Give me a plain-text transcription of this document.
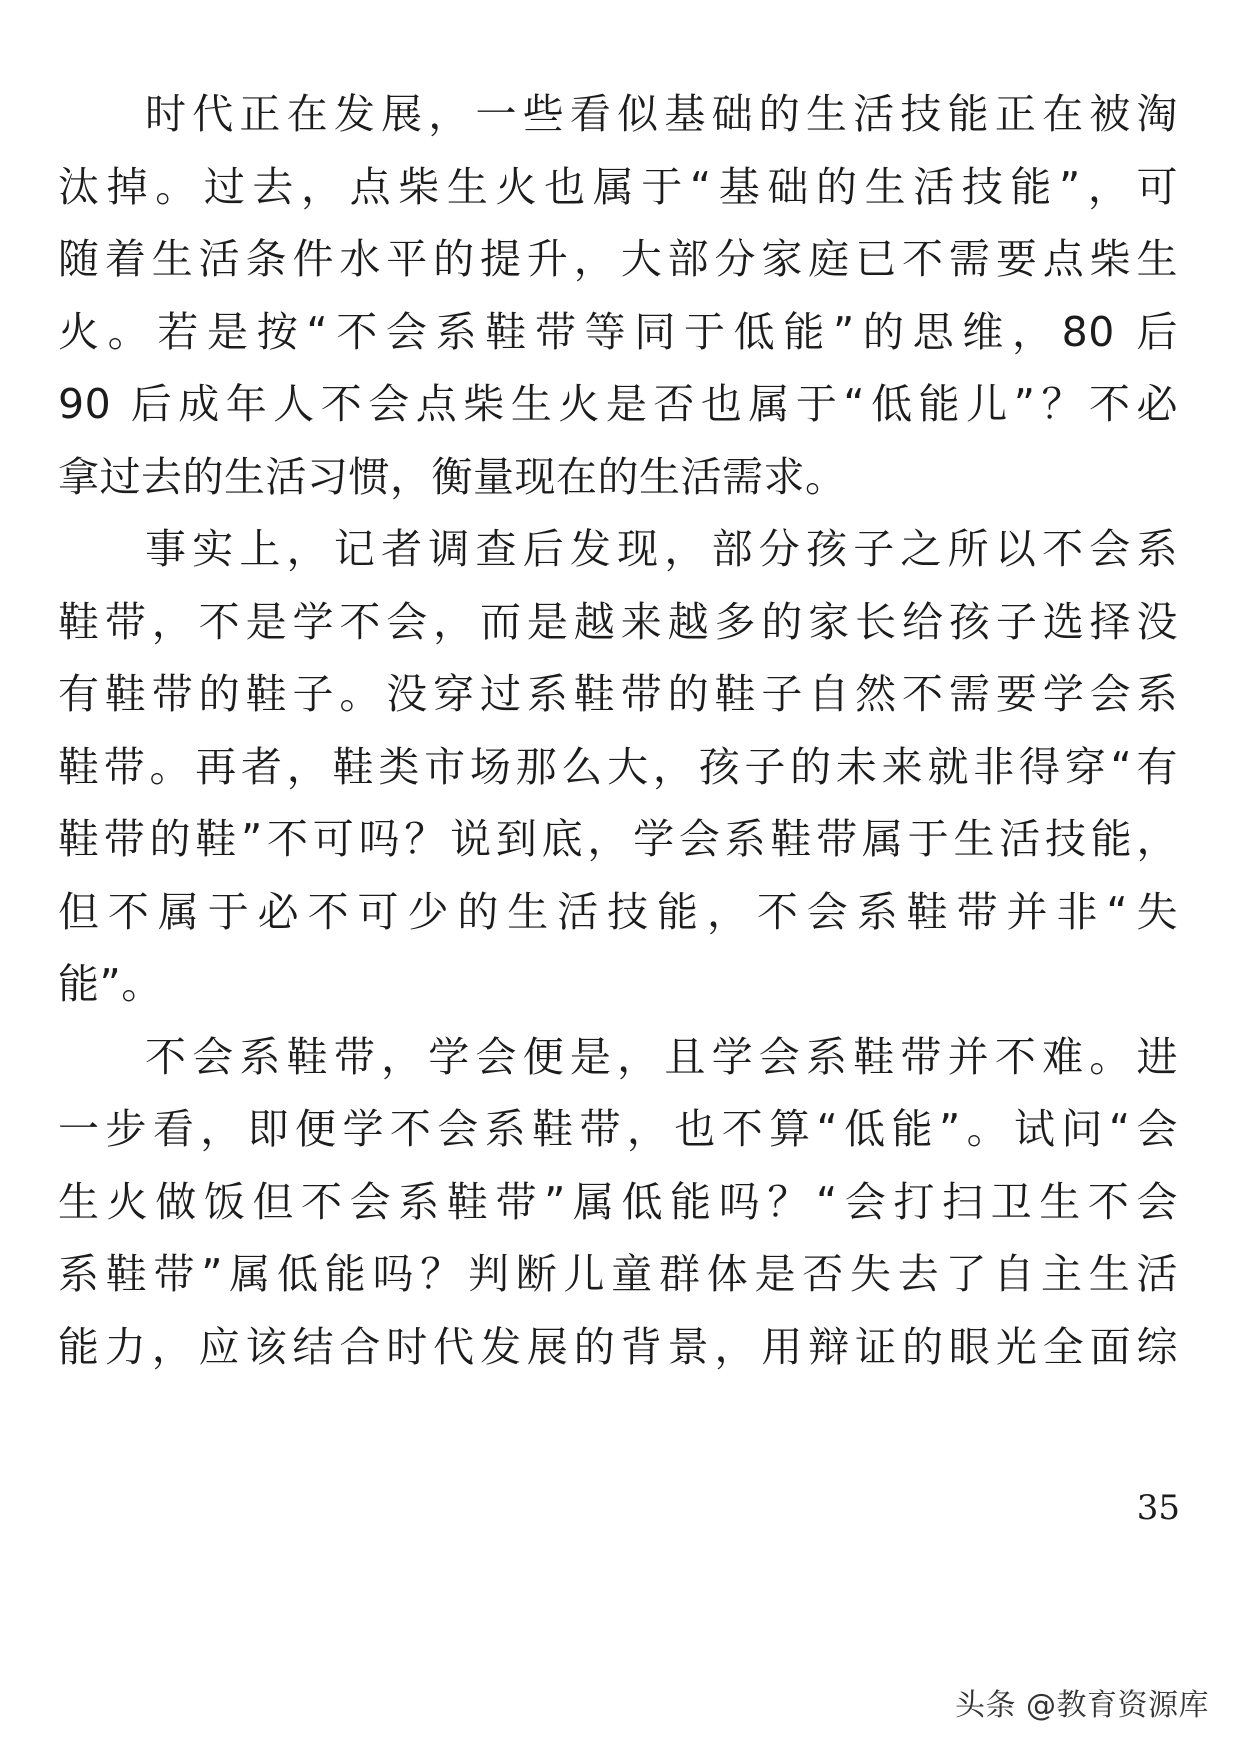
时代正在发展，一些看似基础的生活技能正在被淘
汰掉。过去，点柴生火也属于“基础的生活技能”，可
随着生活条件水平的提升，大部分家庭已不需要点柴生
火。若是按“不会系鞋带等同于低能”的思维，80 后
90 后成年人不会点柴生火是否也属于“低能儿”？不必
拿过去的生活习惯，衡量现在的生活需求。
事实上，记者调查后发现，部分孩子之所以不会系
鞋带，不是学不会，而是越来越多的家长给孩子选择没
有鞋带的鞋子。没穿过系鞋带的鞋子自然不需要学会系
鞋带。再者，鞋类市场那么大，孩子的未来就非得穿“有
鞋带的鞋”不可吗？说到底，学会系鞋带属于生活技能，
但不属于必不可少的生活技能，不会系鞋带并非“失
能”。
不会系鞋带，学会便是，且学会系鞋带并不难。进
一步看，即便学不会系鞋带，也不算“低能”。试问“会
生火做饭但不会系鞋带”属低能吗？“会打扫卫生不会
系鞋带”属低能吗？判断儿童群体是否失去了自主生活
能力，应该结合时代发展的背景，用辩证的眼光全面综
35
头条 @教育资源库
